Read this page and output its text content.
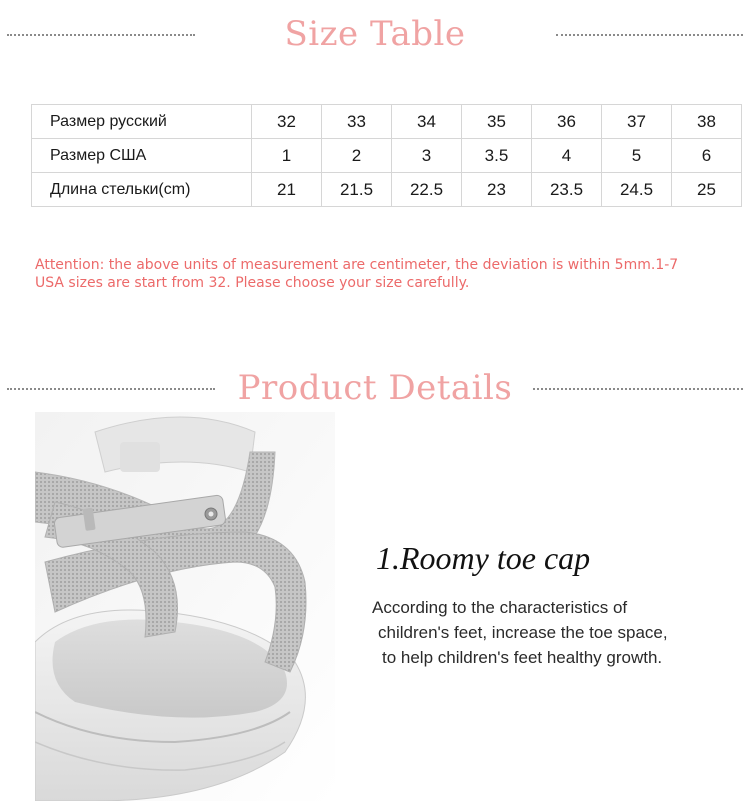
Size Table
Размер русский	32	33	34	35	36	37	38
Размер США	1	2	3	3.5	4	5	6
Длина стельки(cm)	21	21.5	22.5	23	23.5	24.5	25
Attention: the above units of measurement are centimeter, the deviation is within 5mm.1-7
USA sizes are start from 32. Please choose your size carefully.
Product Details
1.Roomy toe cap
According to the characteristics of
children's feet, increase the toe space,
to help children's feet healthy growth.
